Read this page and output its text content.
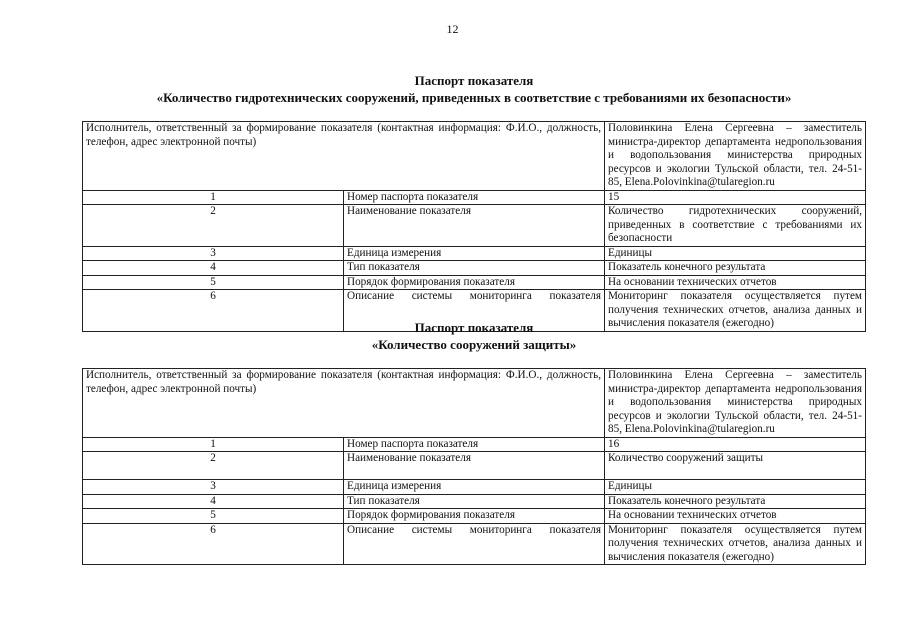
12
Паспорт показателя
«Количество гидротехнических сооружений, приведенных в соответствие с требованиями их безопасности»
Исполнитель, ответственный за формирование показателя (контактная информация: Ф.И.О., должность, телефон, адрес электронной почты)		Половинкина Елена Сергеевна – заместитель министра-директор департамента недропользования и водопользования министерства природных ресурсов и экологии Тульской области, тел. 24-51-85, Elena.Polovinkina@tularegion.ru
1	Номер паспорта показателя	15
2	Наименование показателя	Количество гидротехнических сооружений, приведенных в соответствие с требованиями их безопасности
3	Единица измерения	Единицы
4	Тип показателя	Показатель конечного результата
5	Порядок формирования показателя	На основании технических отчетов
6	Описание системы мониторинга показателя	Мониторинг показателя осуществляется путем получения технических отчетов, анализа данных и вычисления показателя (ежегодно)
Паспорт показателя
«Количество сооружений защиты»
Исполнитель, ответственный за формирование показателя (контактная информация: Ф.И.О., должность, телефон, адрес электронной почты)		Половинкина Елена Сергеевна – заместитель министра-директор департамента недропользования и водопользования министерства природных ресурсов и экологии Тульской области, тел. 24-51-85, Elena.Polovinkina@tularegion.ru
1	Номер паспорта показателя	16
2	Наименование показателя	Количество сооружений защиты
3	Единица измерения	Единицы
4	Тип показателя	Показатель конечного результата
5	Порядок формирования показателя	На основании технических отчетов
6	Описание системы мониторинга показателя	Мониторинг показателя осуществляется путем получения технических отчетов, анализа данных и вычисления показателя (ежегодно)
